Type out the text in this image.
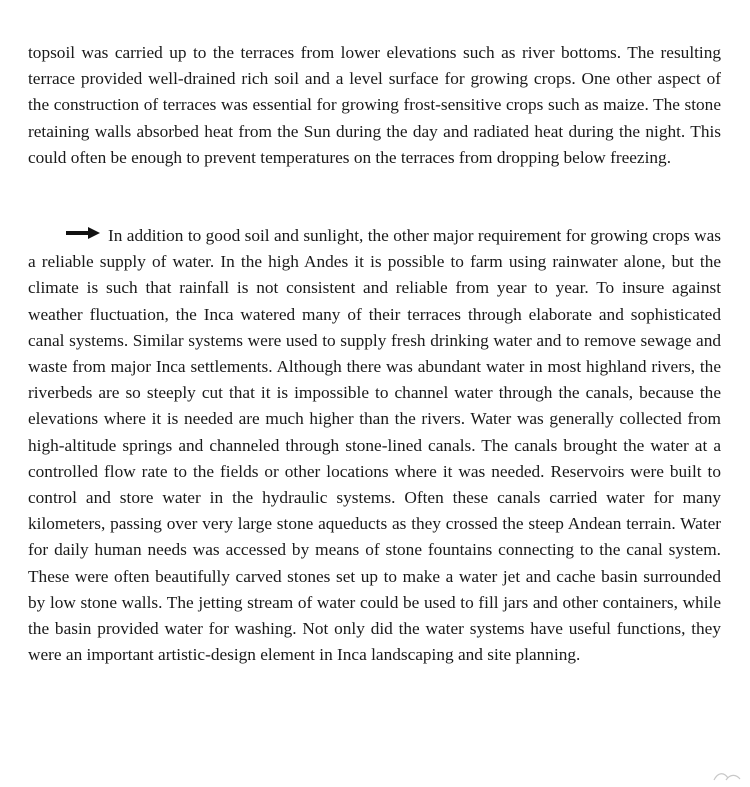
topsoil was carried up to the terraces from lower elevations such as river bottoms. The resulting terrace provided well-drained rich soil and a level surface for growing crops. One other aspect of the construction of terraces was essential for growing frost-sensitive crops such as maize. The stone retaining walls absorbed heat from the Sun during the day and radiated heat during the night. This could often be enough to prevent temperatures on the terraces from dropping below freezing.

In addition to good soil and sunlight, the other major requirement for growing crops was a reliable supply of water. In the high Andes it is possible to farm using rainwater alone, but the climate is such that rainfall is not consistent and reliable from year to year. To insure against weather fluctuation, the Inca watered many of their terraces through elaborate and sophisticated canal systems. Similar systems were used to supply fresh drinking water and to remove sewage and waste from major Inca settlements. Although there was abundant water in most highland rivers, the riverbeds are so steeply cut that it is impossible to channel water through the canals, because the elevations where it is needed are much higher than the rivers. Water was generally collected from high-altitude springs and channeled through stone-lined canals. The canals brought the water at a controlled flow rate to the fields or other locations where it was needed. Reservoirs were built to control and store water in the hydraulic systems. Often these canals carried water for many kilometers, passing over very large stone aqueducts as they crossed the steep Andean terrain. Water for daily human needs was accessed by means of stone fountains connecting to the canal system. These were often beautifully carved stones set up to make a water jet and cache basin surrounded by low stone walls. The jetting stream of water could be used to fill jars and other containers, while the basin provided water for washing. Not only did the water systems have useful functions, they were an important artistic-design element in Inca landscaping and site planning.
